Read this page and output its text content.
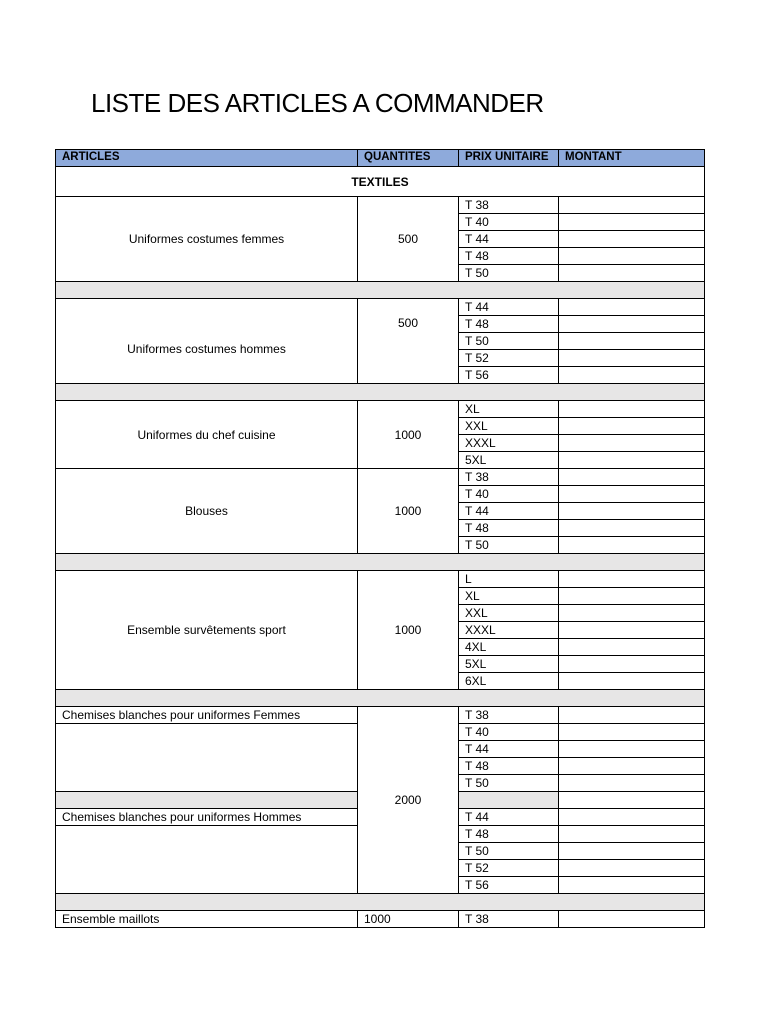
LISTE DES ARTICLES A COMMANDER
ARTICLES	QUANTITES	PRIX UNITAIRE	MONTANT
TEXTILES			
Uniformes costumes femmes	500	T 38	
		T 40	
		T 44	
		T 48	
		T 50	

Uniformes costumes hommes	500	T 44	
		T 48	
		T 50	
		T 52	
		T 56	

Uniformes du chef cuisine	1000	XL	
		XXL	
		XXXL	
		5XL	
Blouses	1000	T 38	
		T 40	
		T 44	
		T 48	
		T 50	

Ensemble survêtements sport	1000	L	
		XL	
		XXL	
		XXXL	
		4XL	
		5XL	
		6XL	

Chemises blanches pour uniformes Femmes	2000	T 38	
		T 40	
		T 44	
		T 48	
		T 50	

Chemises blanches pour uniformes Hommes		T 44	
		T 48	
		T 50	
		T 52	
		T 56	

Ensemble maillots	1000	T 38	
